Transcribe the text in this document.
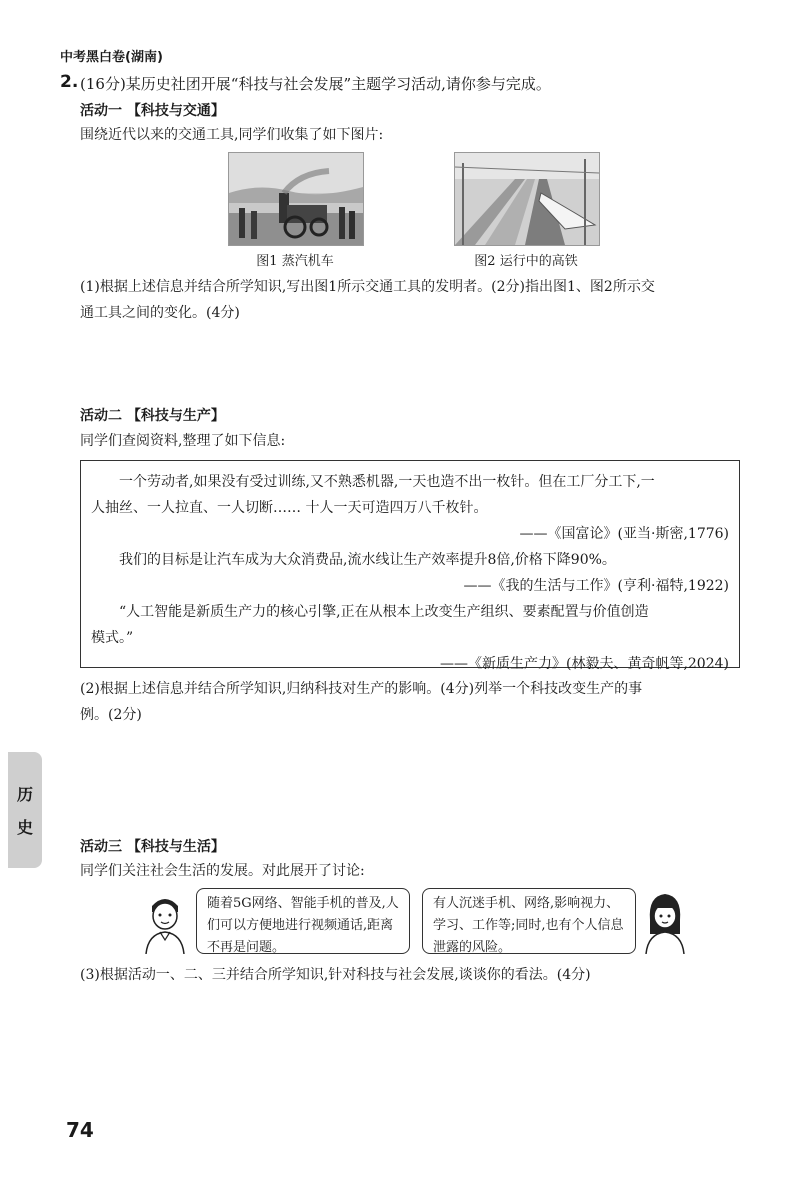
中考黑白卷(湖南)
2. (16分)某历史社团开展“科技与社会发展”主题学习活动,请你参与完成。
活动一 【科技与交通】
围绕近代以来的交通工具,同学们收集了如下图片:
图1 蒸汽机车	图2 运行中的高铁
(1)根据上述信息并结合所学知识,写出图1所示交通工具的发明者。(2分)指出图1、图2所示交
通工具之间的变化。(4分)
活动二 【科技与生产】
同学们查阅资料,整理了如下信息:

一个劳动者,如果没有受过训练,又不熟悉机器,一天也造不出一枚针。但在工厂分工下,一

人抽丝、一人拉直、一人切断…… 十人一天可造四万八千枚针。

——《国富论》(亚当·斯密,1776)

我们的目标是让汽车成为大众消费品,流水线让生产效率提升8倍,价格下降90%。

——《我的生活与工作》(亨利·福特,1922)

“人工智能是新质生产力的核心引擎,正在从根本上改变生产组织、要素配置与价值创造

模式。”

——《新质生产力》(林毅夫、黄奇帆等,2024)

(2)根据上述信息并结合所学知识,归纳科技对生产的影响。(4分)列举一个科技改变生产的事
例。(2分)
历
史
活动三 【科技与生活】
同学们关注社会生活的发展。对此展开了讨论:
随着5G网络、智能手机的普及,人们可以方便地进行视频通话,距离不再是问题。
有人沉迷手机、网络,影响视力、学习、工作等;同时,也有个人信息泄露的风险。
(3)根据活动一、二、三并结合所学知识,针对科技与社会发展,谈谈你的看法。(4分)
74
